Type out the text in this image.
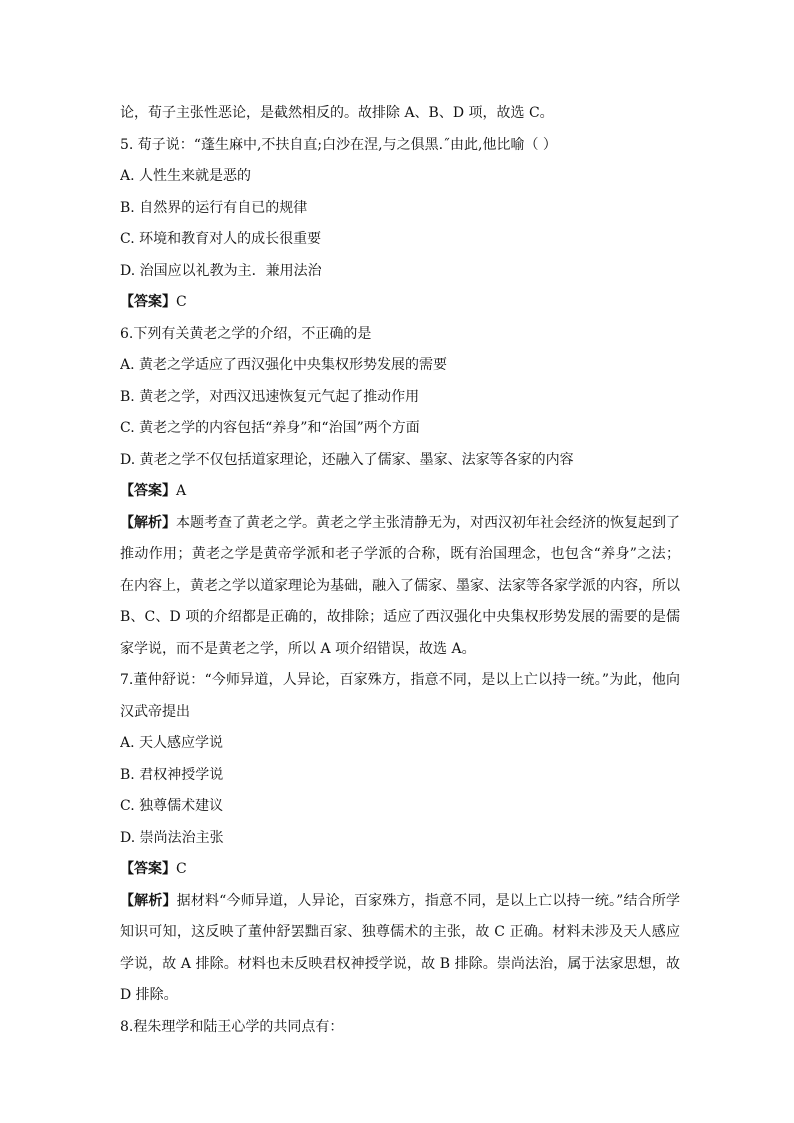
论，荀子主张性恶论，是截然相反的。故排除 A、B、D 项，故选 C。
5. 荀子说：“蓬生麻中,不扶自直;白沙在涅,与之俱黑.˝由此,他比喻（ ）
A. 人性生来就是恶的
B. 自然界的运行有自已的规律
C. 环境和教育对人的成长很重要
D. 治国应以礼教为主．兼用法治
【答案】C
6.下列有关黄老之学的介绍，不正确的是
A. 黄老之学适应了西汉强化中央集权形势发展的需要
B. 黄老之学，对西汉迅速恢复元气起了推动作用
C. 黄老之学的内容包括“养身”和“治国”两个方面
D. 黄老之学不仅包括道家理论，还融入了儒家、墨家、法家等各家的内容
【答案】A
【解析】本题考查了黄老之学。黄老之学主张清静无为，对西汉初年社会经济的恢复起到了推动作用；黄老之学是黄帝学派和老子学派的合称，既有治国理念，也包含“养身”之法；在内容上，黄老之学以道家理论为基础，融入了儒家、墨家、法家等各家学派的内容，所以 B、C、D 项的介绍都是正确的，故排除；适应了西汉强化中央集权形势发展的需要的是儒家学说，而不是黄老之学，所以 A 项介绍错误，故选 A。
7.董仲舒说：“今师异道，人异论，百家殊方，指意不同，是以上亡以持一统。”为此，他向汉武帝提出
A. 天人感应学说
B. 君权神授学说
C. 独尊儒术建议
D. 崇尚法治主张
【答案】C
【解析】据材料“今师异道，人异论，百家殊方，指意不同，是以上亡以持一统。”结合所学知识可知，这反映了董仲舒罢黜百家、独尊儒术的主张，故 C 正确。材料未涉及天人感应学说，故 A 排除。材料也未反映君权神授学说，故 B 排除。崇尚法治，属于法家思想，故 D 排除。
8.程朱理学和陆王心学的共同点有：
